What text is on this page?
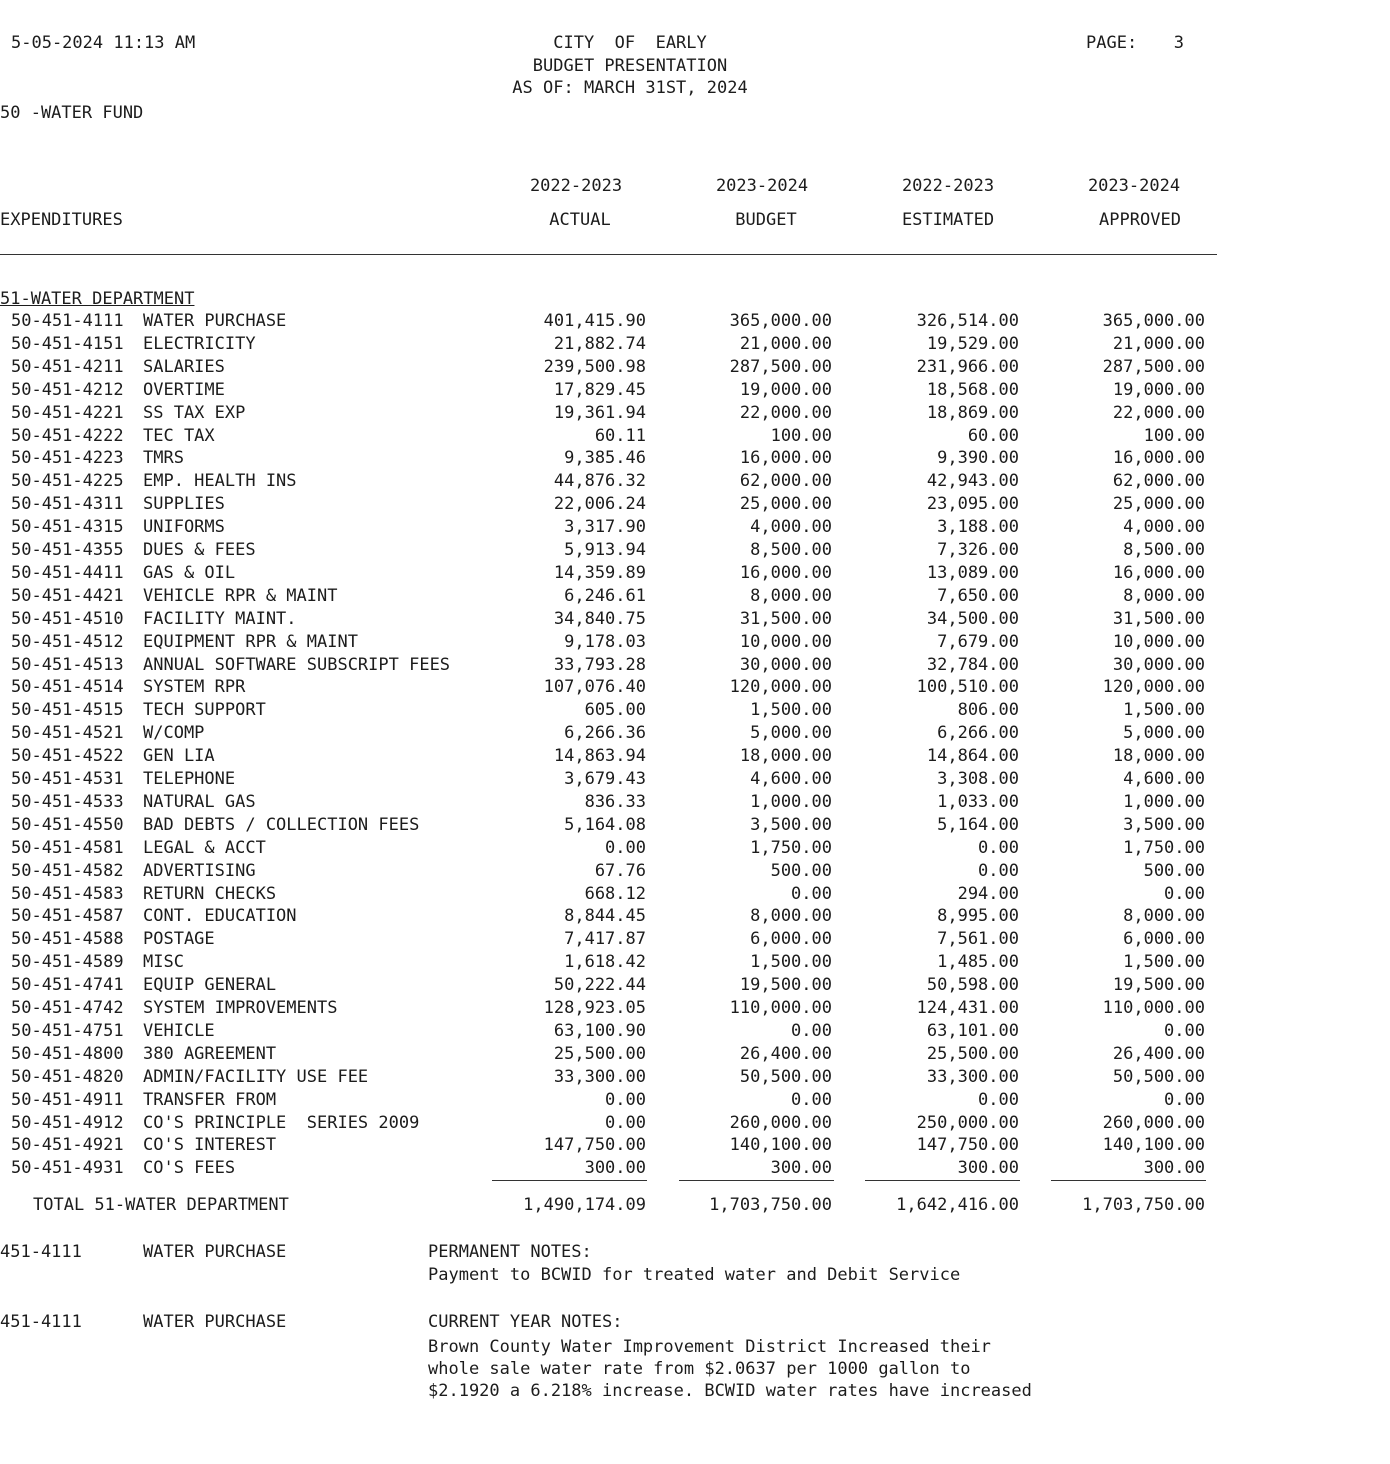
5-05-2024 11:13 AM	CITY  OF  EARLY
BUDGET PRESENTATION
AS OF: MARCH 31ST, 2024
PAGE:	3
50 -WATER FUND
2022-2023	2023-2024	2022-2023	2023-2024
EXPENDITURES	ACTUAL	BUDGET	ESTIMATED	APPROVED
51-WATER DEPARTMENT
50-451-4111 WATER PURCHASE	401,415.90	365,000.00	326,514.00	365,000.00
50-451-4151 ELECTRICITY	21,882.74	21,000.00	19,529.00	21,000.00
50-451-4211 SALARIES	239,500.98	287,500.00	231,966.00	287,500.00
50-451-4212 OVERTIME	17,829.45	19,000.00	18,568.00	19,000.00
50-451-4221 SS TAX EXP	19,361.94	22,000.00	18,869.00	22,000.00
50-451-4222 TEC TAX	60.11	100.00	60.00	100.00
50-451-4223 TMRS	9,385.46	16,000.00	9,390.00	16,000.00
50-451-4225 EMP. HEALTH INS	44,876.32	62,000.00	42,943.00	62,000.00
50-451-4311 SUPPLIES	22,006.24	25,000.00	23,095.00	25,000.00
50-451-4315 UNIFORMS	3,317.90	4,000.00	3,188.00	4,000.00
50-451-4355 DUES & FEES	5,913.94	8,500.00	7,326.00	8,500.00
50-451-4411 GAS & OIL	14,359.89	16,000.00	13,089.00	16,000.00
50-451-4421 VEHICLE RPR & MAINT	6,246.61	8,000.00	7,650.00	8,000.00
50-451-4510 FACILITY MAINT.	34,840.75	31,500.00	34,500.00	31,500.00
50-451-4512 EQUIPMENT RPR & MAINT	9,178.03	10,000.00	7,679.00	10,000.00
50-451-4513 ANNUAL SOFTWARE SUBSCRIPT FEES	33,793.28	30,000.00	32,784.00	30,000.00
50-451-4514 SYSTEM RPR	107,076.40	120,000.00	100,510.00	120,000.00
50-451-4515 TECH SUPPORT	605.00	1,500.00	806.00	1,500.00
50-451-4521 W/COMP	6,266.36	5,000.00	6,266.00	5,000.00
50-451-4522 GEN LIA	14,863.94	18,000.00	14,864.00	18,000.00
50-451-4531 TELEPHONE	3,679.43	4,600.00	3,308.00	4,600.00
50-451-4533 NATURAL GAS	836.33	1,000.00	1,033.00	1,000.00
50-451-4550 BAD DEBTS / COLLECTION FEES	5,164.08	3,500.00	5,164.00	3,500.00
50-451-4581 LEGAL & ACCT	0.00	1,750.00	0.00	1,750.00
50-451-4582 ADVERTISING	67.76	500.00	0.00	500.00
50-451-4583 RETURN CHECKS	668.12	0.00	294.00	0.00
50-451-4587 CONT. EDUCATION	8,844.45	8,000.00	8,995.00	8,000.00
50-451-4588 POSTAGE	7,417.87	6,000.00	7,561.00	6,000.00
50-451-4589 MISC	1,618.42	1,500.00	1,485.00	1,500.00
50-451-4741 EQUIP GENERAL	50,222.44	19,500.00	50,598.00	19,500.00
50-451-4742 SYSTEM IMPROVEMENTS	128,923.05	110,000.00	124,431.00	110,000.00
50-451-4751 VEHICLE	63,100.90	0.00	63,101.00	0.00
50-451-4800 380 AGREEMENT	25,500.00	26,400.00	25,500.00	26,400.00
50-451-4820 ADMIN/FACILITY USE FEE	33,300.00	50,500.00	33,300.00	50,500.00
50-451-4911 TRANSFER FROM	0.00	0.00	0.00	0.00
50-451-4912 CO'S PRINCIPLE  SERIES 2009	0.00	260,000.00	250,000.00	260,000.00
50-451-4921 CO'S INTEREST	147,750.00	140,100.00	147,750.00	140,100.00
50-451-4931 CO'S FEES	300.00	300.00	300.00	300.00
TOTAL 51-WATER DEPARTMENT	1,490,174.09	1,703,750.00	1,642,416.00	1,703,750.00
451-4111	WATER PURCHASE	PERMANENT NOTES:
Payment to BCWID for treated water and Debit Service
451-4111	WATER PURCHASE	CURRENT YEAR NOTES:
Brown County Water Improvement District Increased their
whole sale water rate from $2.0637 per 1000 gallon to
$2.1920 a 6.218% increase. BCWID water rates have increased
